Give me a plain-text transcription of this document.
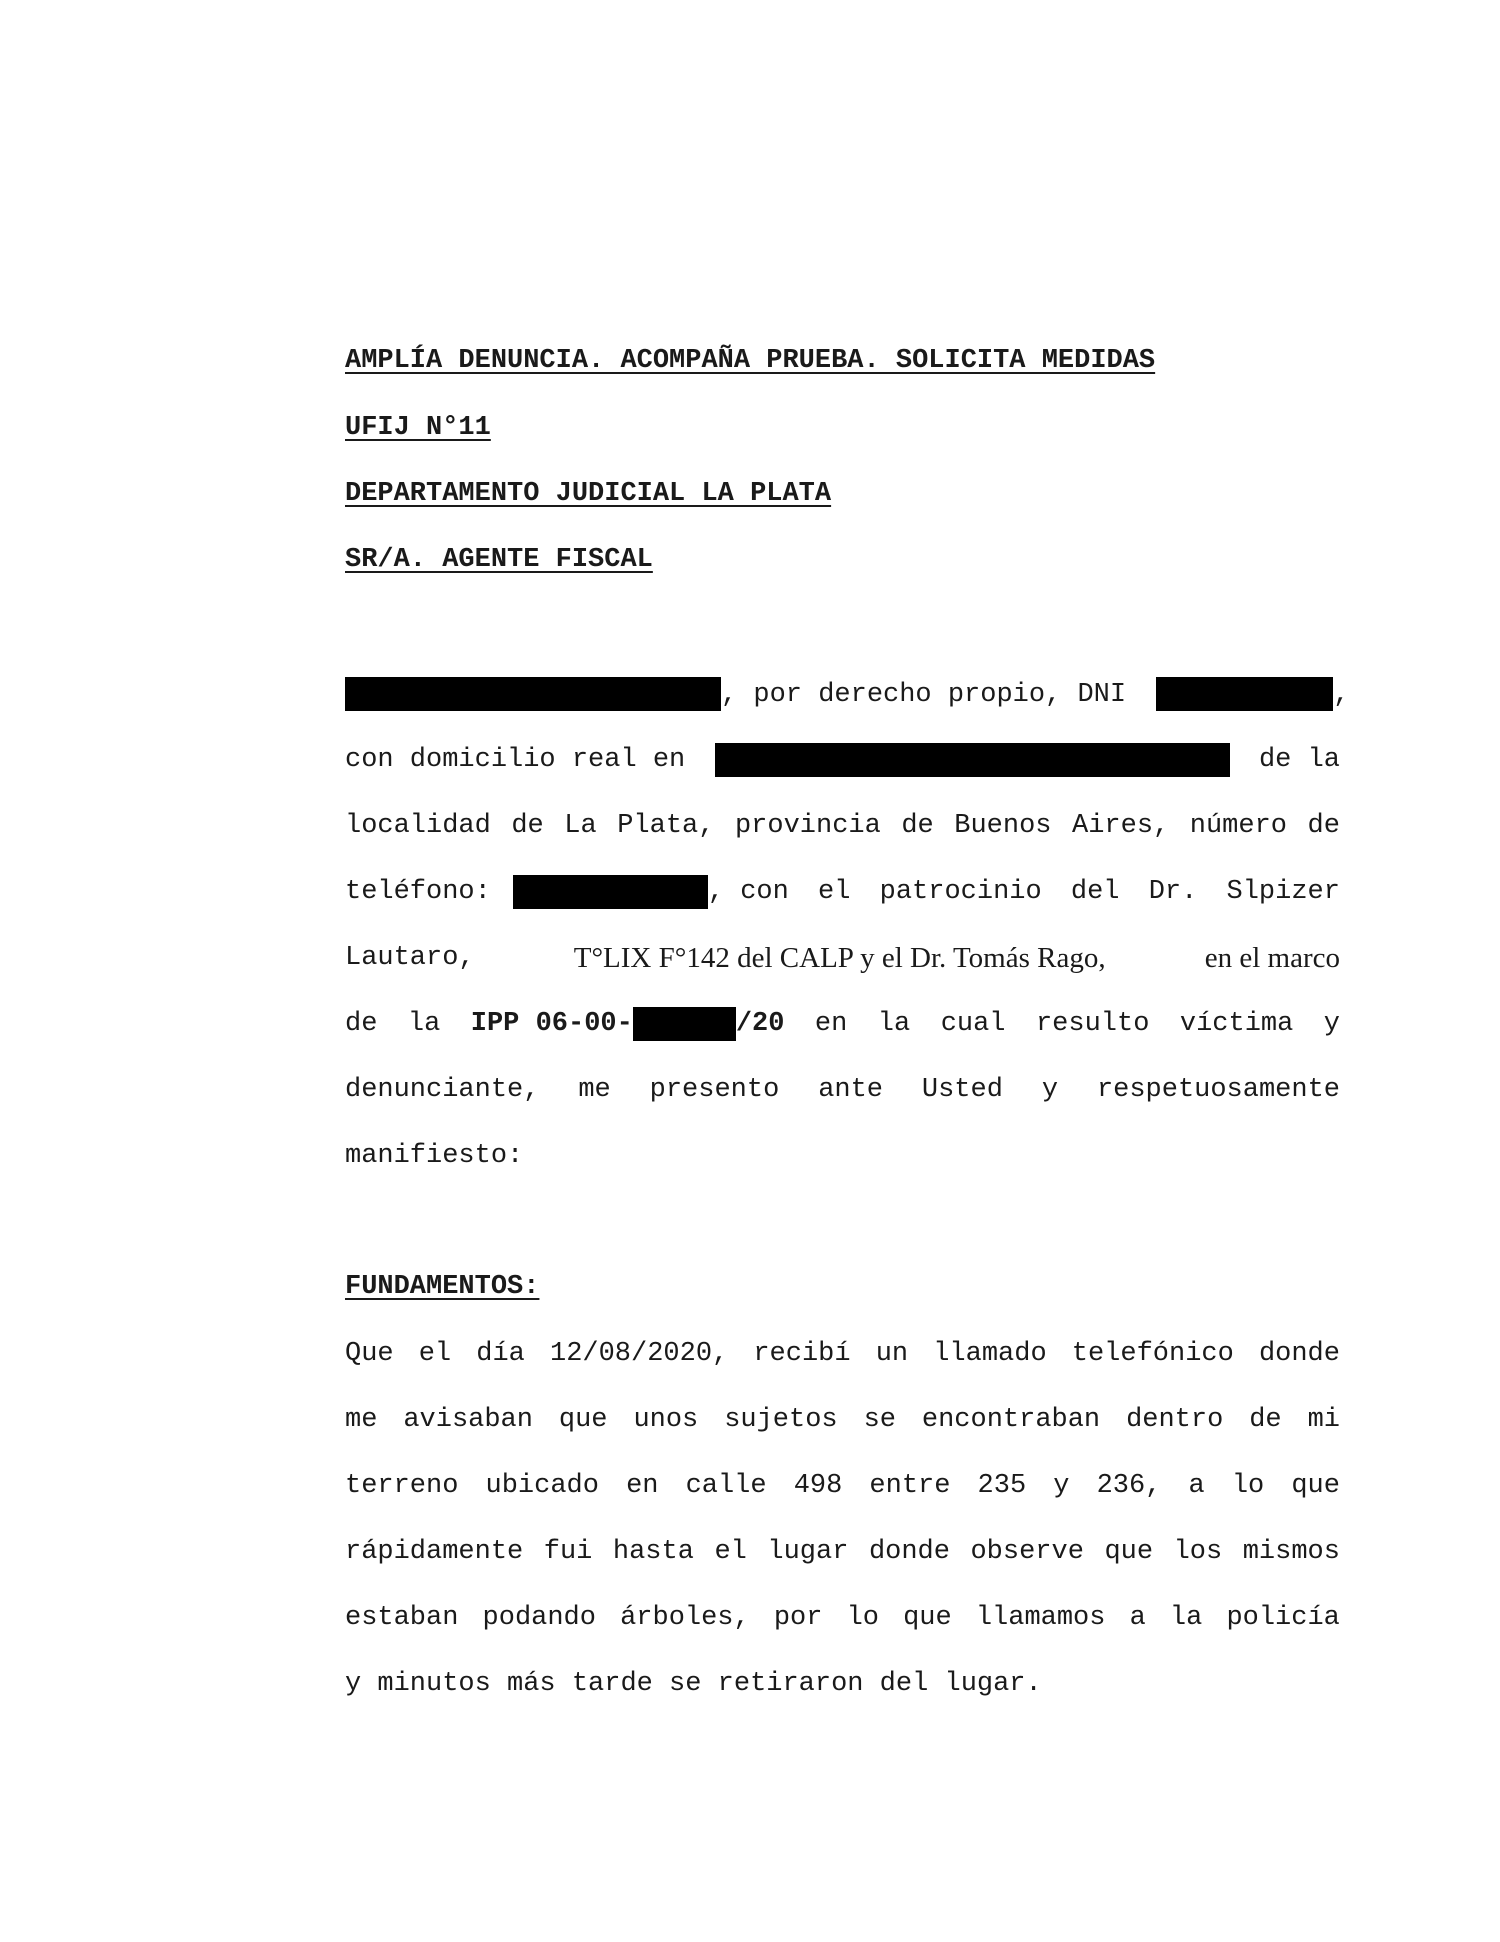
AMPLÍA DENUNCIA. ACOMPAÑA PRUEBA. SOLICITA MEDIDAS
UFIJ N°11
DEPARTAMENTO JUDICIAL LA PLATA
SR/A. AGENTE FISCAL
, por derecho propio, DNI	,
con domicilio real en	de la
localidad de La Plata, provincia de Buenos Aires, número de
teléfono:	, con el patrocinio del Dr. Slpizer
Lautaro,	T°LIX F°142 del CALP y el Dr. Tomás Rago,	en el marco
de la IPP 06-00-	/20 en la cual resulto víctima y
denunciante, me presento ante Usted y respetuosamente
manifiesto:
FUNDAMENTOS:
Que el día 12/08/2020, recibí un llamado telefónico donde
me avisaban que unos sujetos se encontraban dentro de mi
terreno ubicado en calle 498 entre 235 y 236, a lo que
rápidamente fui hasta el lugar donde observe que los mismos
estaban podando árboles, por lo que llamamos a la policía
y minutos más tarde se retiraron del lugar.
